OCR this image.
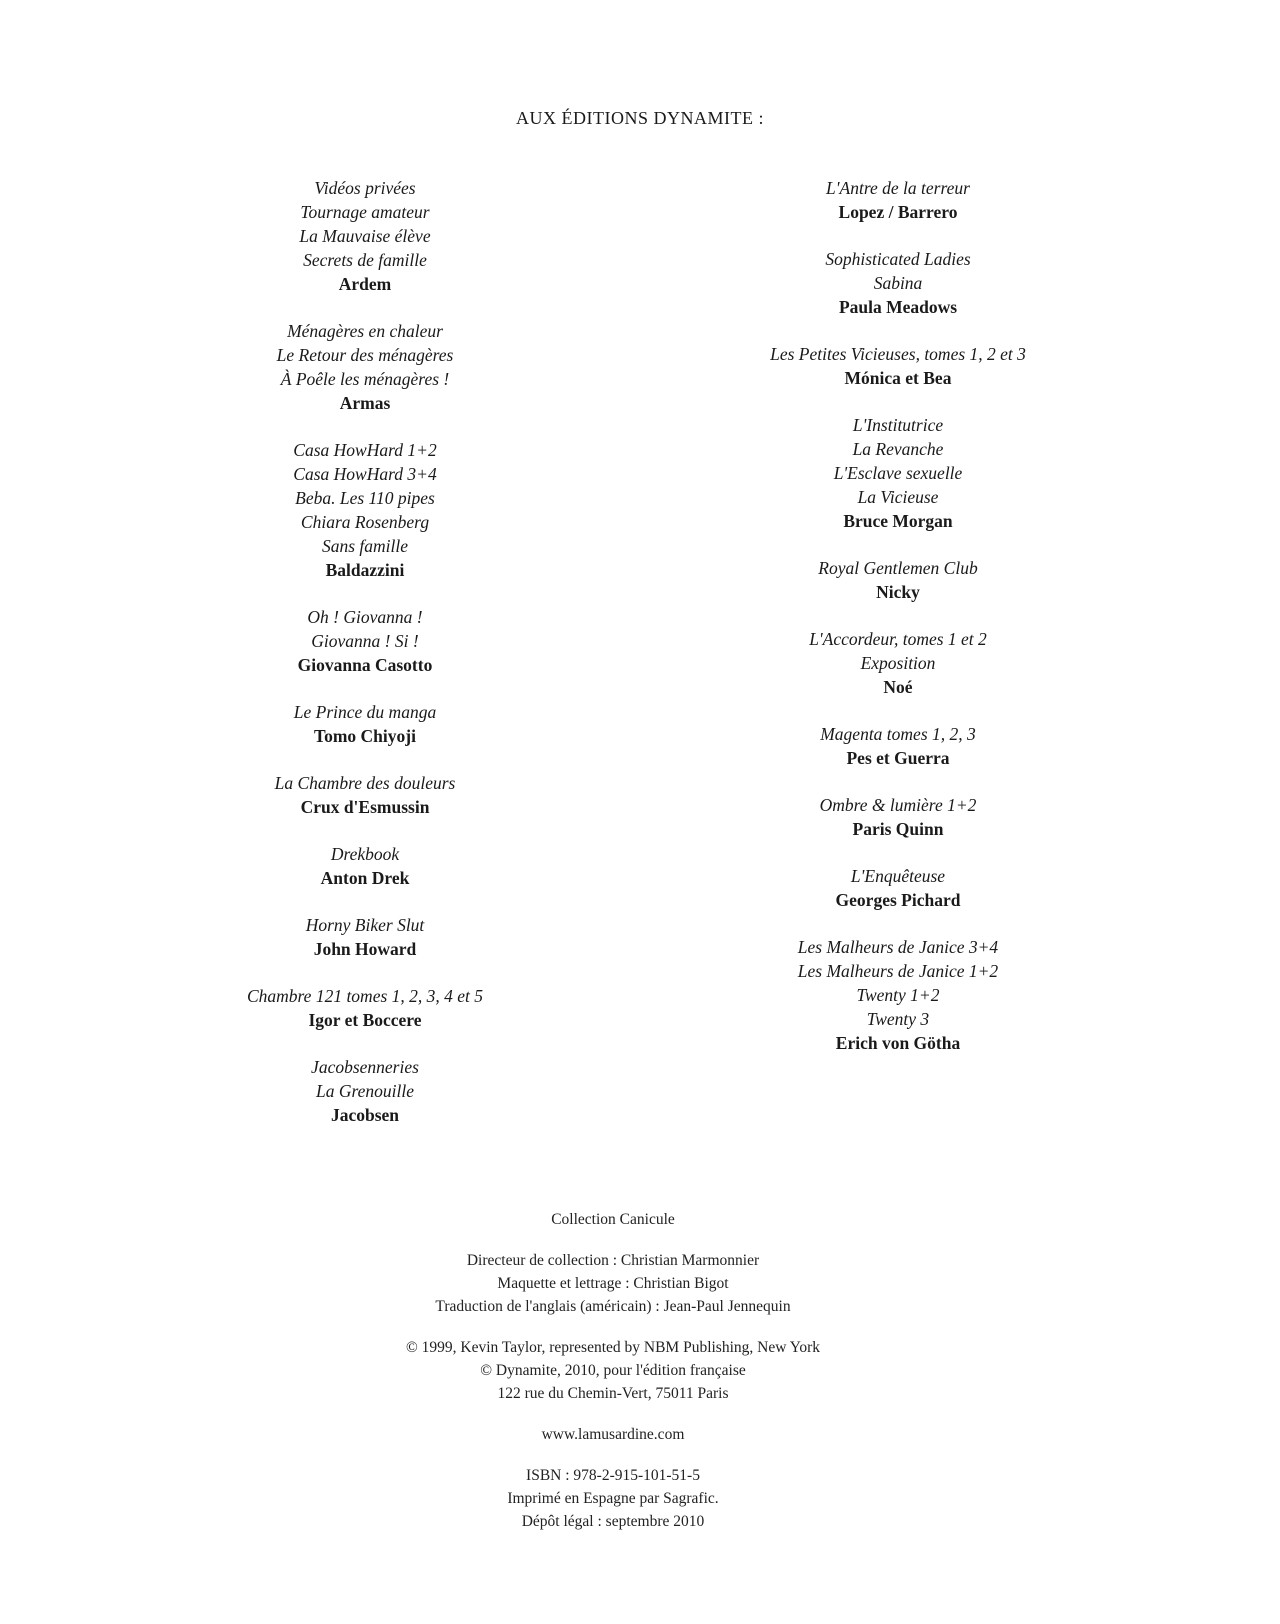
AUX ÉDITIONS DYNAMITE :
Vidéos privées
Tournage amateur
La Mauvaise élève
Secrets de famille
Ardem
Ménagères en chaleur
Le Retour des ménagères
À Poêle les ménagères !
Armas
Casa HowHard 1+2
Casa HowHard 3+4
Beba. Les 110 pipes
Chiara Rosenberg
Sans famille
Baldazzini
Oh ! Giovanna !
Giovanna ! Si !
Giovanna Casotto
Le Prince du manga
Tomo Chiyoji
La Chambre des douleurs
Crux d'Esmussin
Drekbook
Anton Drek
Horny Biker Slut
John Howard
Chambre 121 tomes 1, 2, 3, 4 et 5
Igor et Boccere
Jacobsenneries
La Grenouille
Jacobsen
L'Antre de la terreur
Lopez / Barrero
Sophisticated Ladies
Sabina
Paula Meadows
Les Petites Vicieuses, tomes 1, 2 et 3
Mónica et Bea
L'Institutrice
La Revanche
L'Esclave sexuelle
La Vicieuse
Bruce Morgan
Royal Gentlemen Club
Nicky
L'Accordeur, tomes 1 et 2
Exposition
Noé
Magenta tomes 1, 2, 3
Pes et Guerra
Ombre & lumière 1+2
Paris Quinn
L'Enquêteuse
Georges Pichard
Les Malheurs de Janice 3+4
Les Malheurs de Janice 1+2
Twenty 1+2
Twenty 3
Erich von Götha
Collection Canicule
Directeur de collection : Christian Marmonnier
Maquette et lettrage : Christian Bigot
Traduction de l'anglais (américain) : Jean-Paul Jennequin
© 1999, Kevin Taylor, represented by NBM Publishing, New York
© Dynamite, 2010, pour l'édition française
122 rue du Chemin-Vert, 75011 Paris
www.lamusardine.com
ISBN : 978-2-915-101-51-5
Imprimé en Espagne par Sagrafic.
Dépôt légal : septembre 2010
